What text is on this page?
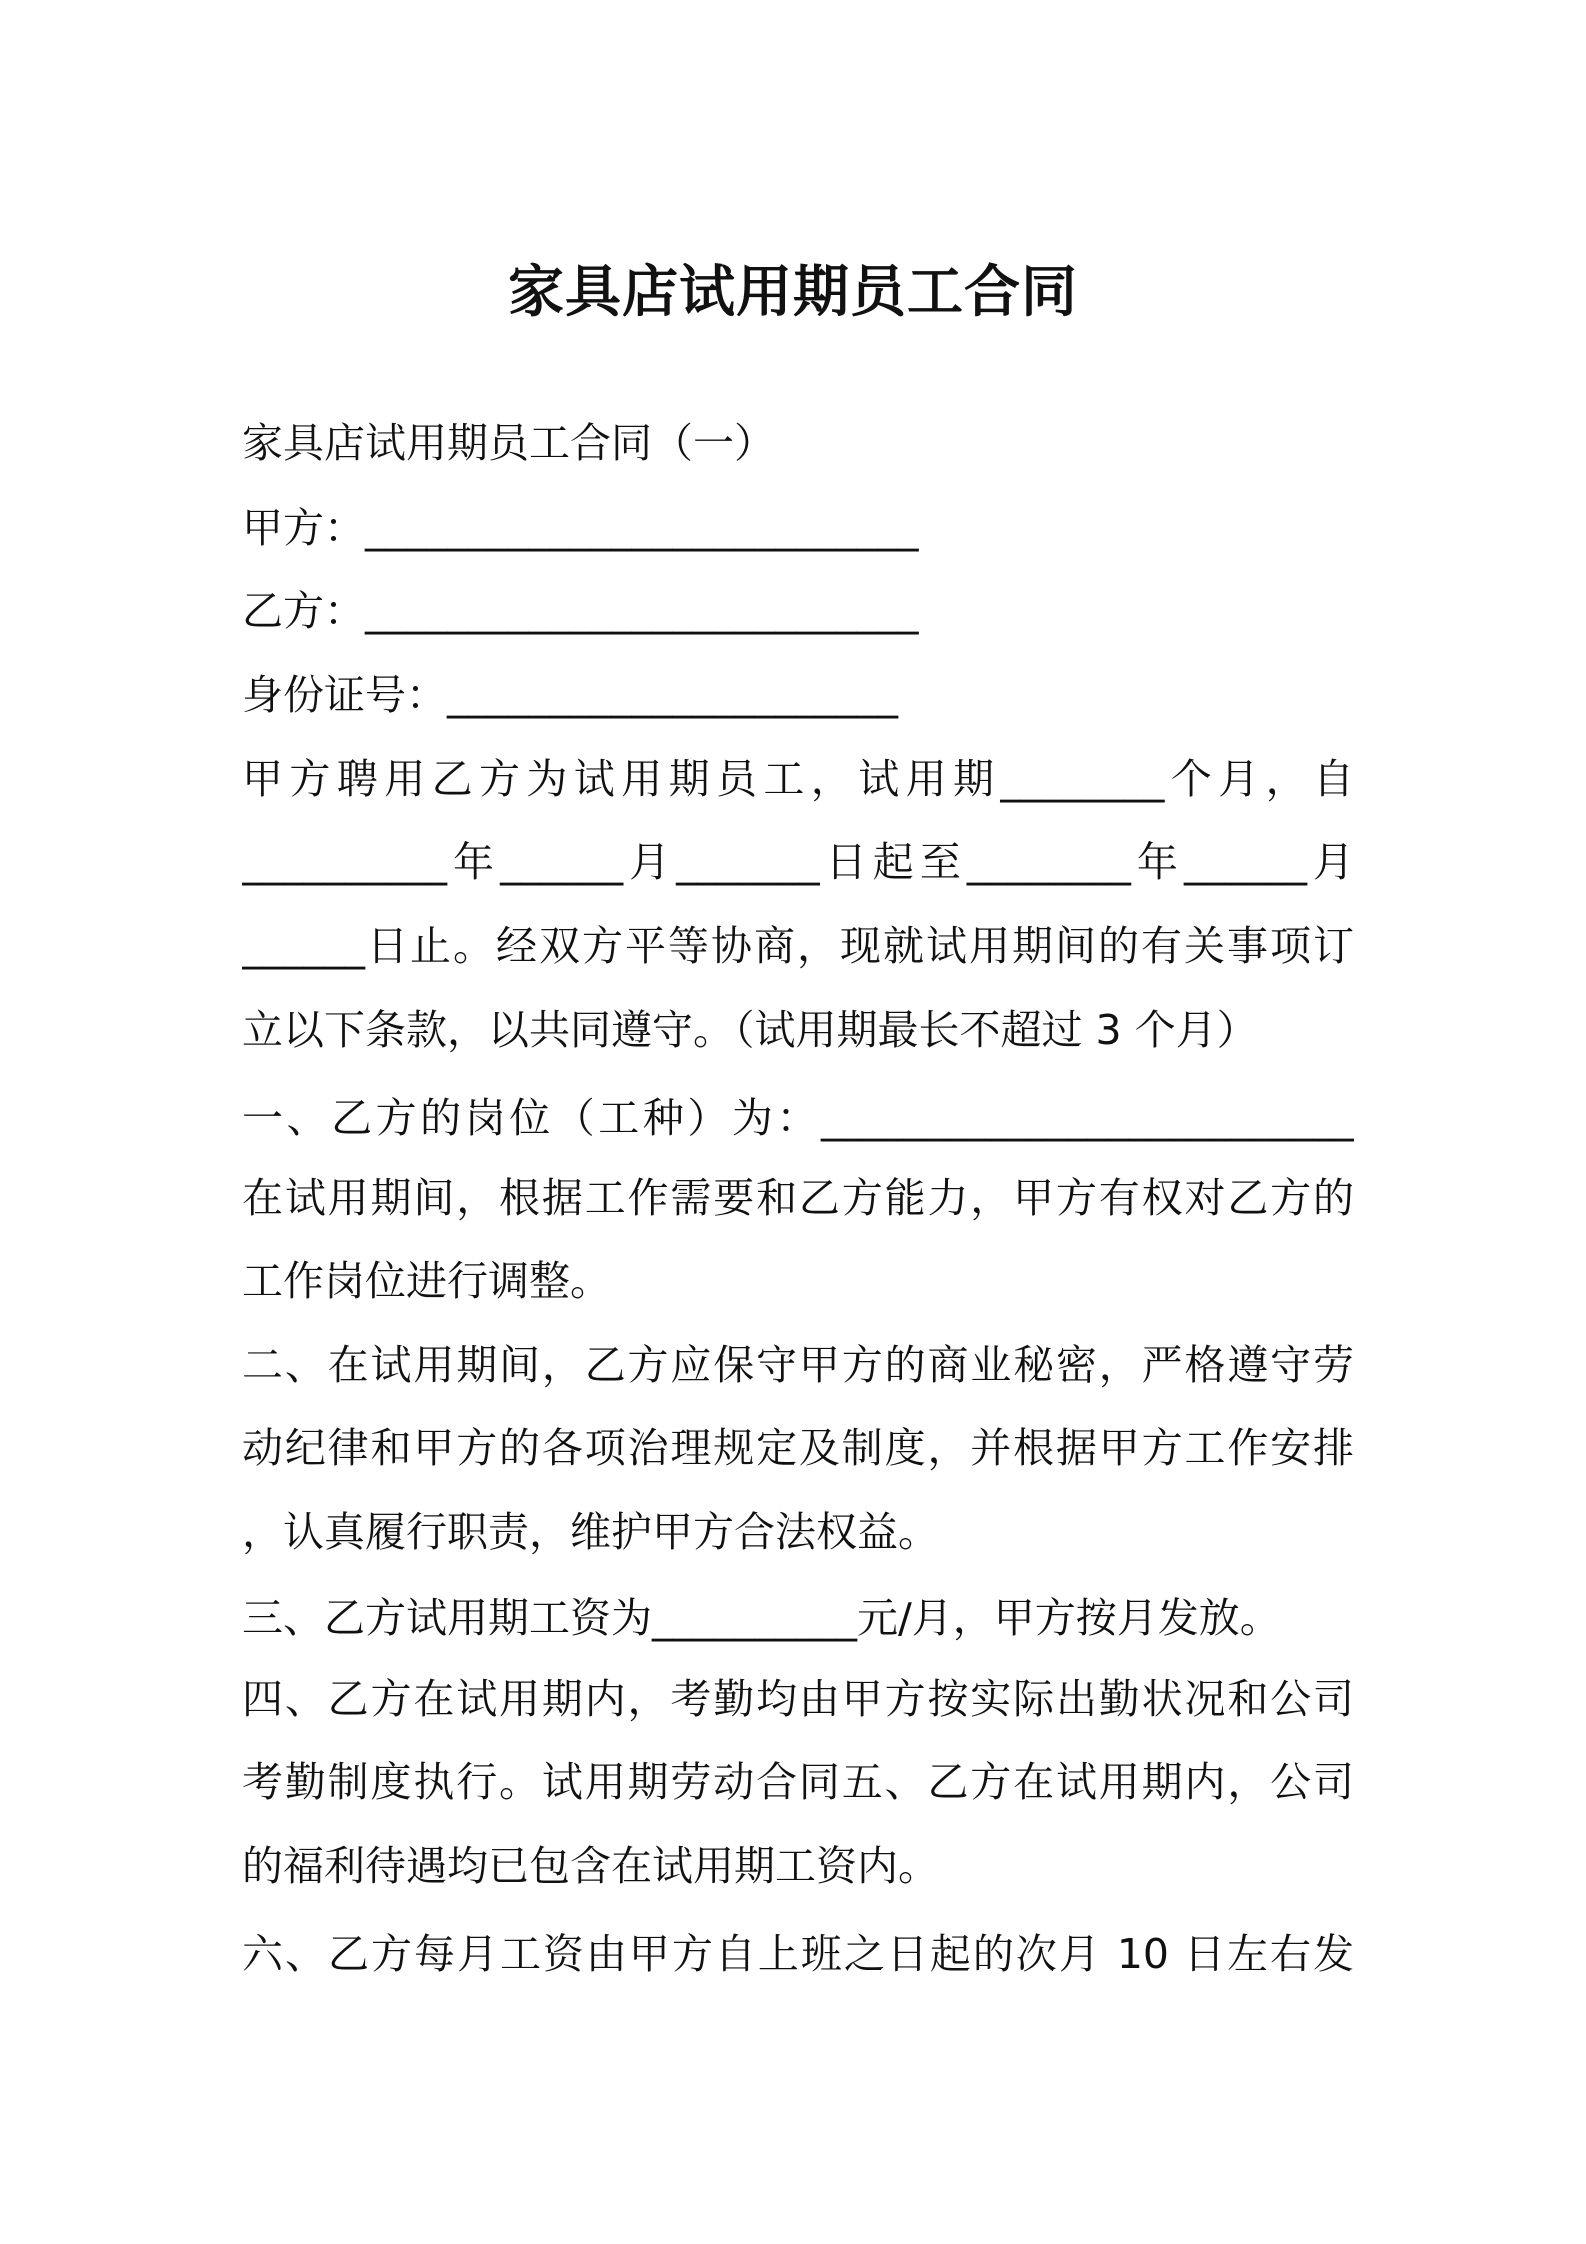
家具店试用期员工合同
家具店试用期员工合同（一）
甲方：___________________________
乙方：___________________________
身份证号：______________________
甲方聘用乙方为试用期员工，试用期________个月，自
__________年______月_______日起至________年______月
______日止。经双方平等协商，现就试用期间的有关事项订
立以下条款，以共同遵守。（试用期最长不超过 3 个月）
一、乙方的岗位（工种）为：__________________________
在试用期间，根据工作需要和乙方能力，甲方有权对乙方的
工作岗位进行调整。
二、在试用期间，乙方应保守甲方的商业秘密，严格遵守劳
动纪律和甲方的各项治理规定及制度，并根据甲方工作安排
，认真履行职责，维护甲方合法权益。
三、乙方试用期工资为__________元/月，甲方按月发放。
四、乙方在试用期内，考勤均由甲方按实际出勤状况和公司
考勤制度执行。试用期劳动合同五、乙方在试用期内，公司
的福利待遇均已包含在试用期工资内。
六、乙方每月工资由甲方自上班之日起的次月 10 日左右发
